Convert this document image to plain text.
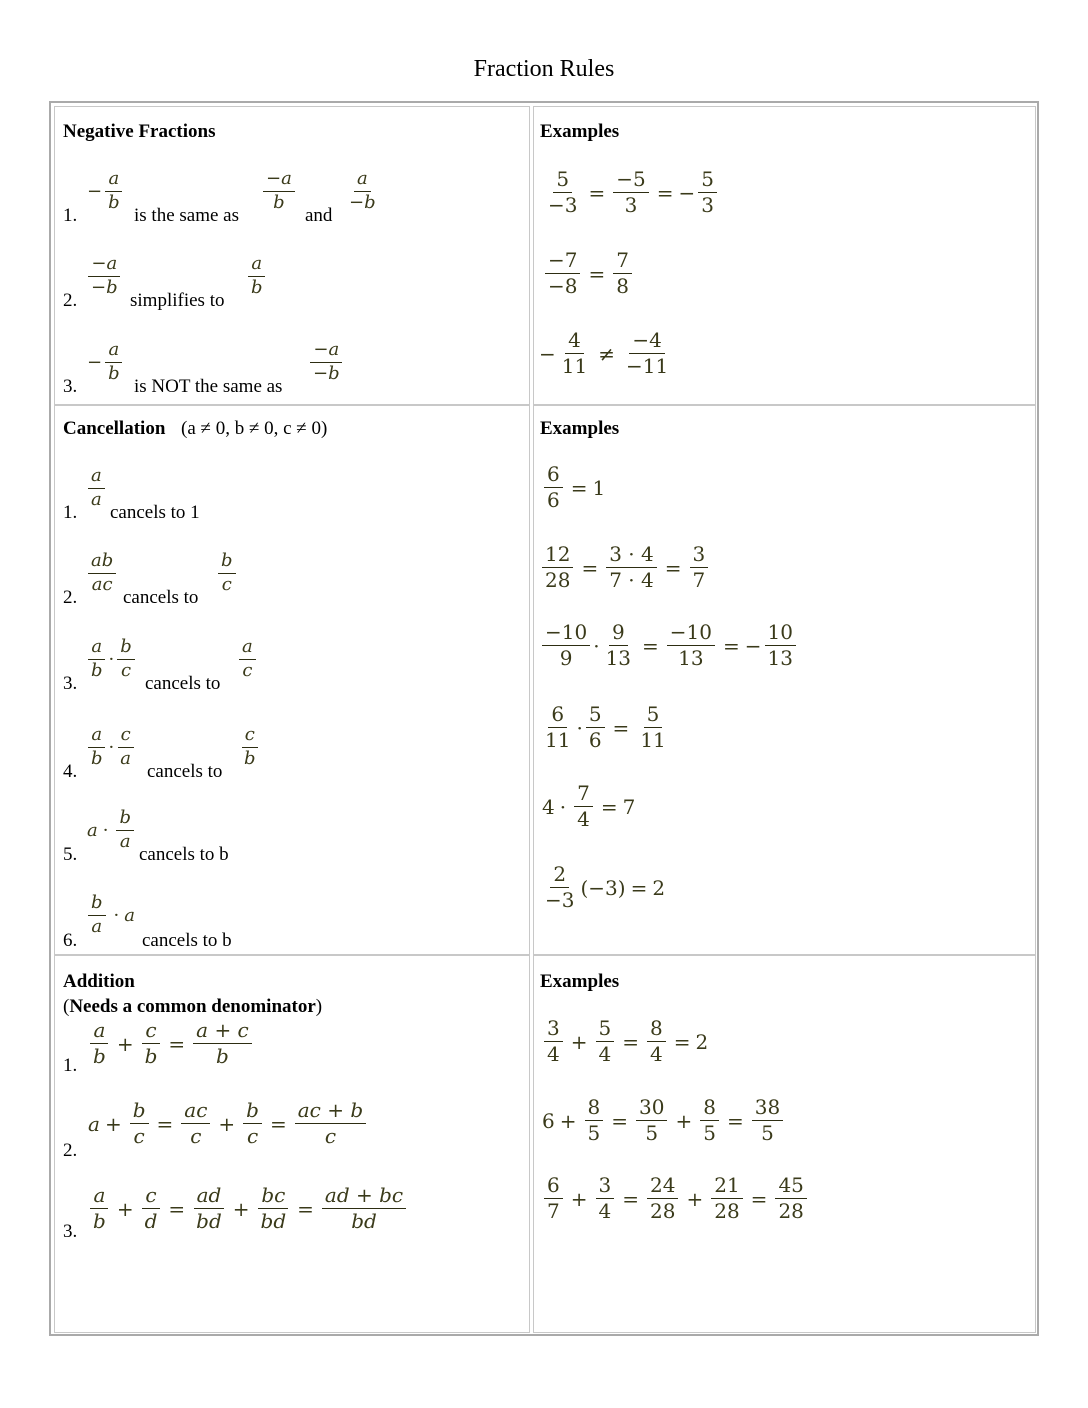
Fraction Rules
Negative Fractions
1.
− $\frac{a}{b}$
is the same as
−a
b
and
a
−b
2.
−a
−b
simplifies to
a
b
3.
− $\frac{a}{b}$
is NOT the same as
−a
−b
Examples
$\frac{5}{-3} = \frac{-5}{3}$ = − $\frac{5}{3}$
$\frac{-7}{-8} = \frac{7}{8}$
− $\frac{4}{11}$ ≠
−4
−11
Cancellation (a ≠ 0, b ≠ 0, c ≠ 0)
1.
a
a
cancels to 1
2.
ab
ac
cancels to
b
c
3.
a
b
·
b
c
cancels to
a
c
4.
a
b
·
c
a
cancels to
c
b
5.
a ·
b
a
cancels to b
6.
b
a
· a
cancels to b
Examples
$\frac{6}{6} = 1$
$\frac{12}{28} = \frac{3 \cdot 4}{7 \cdot 4} = \frac{3}{7}$
−10
9
· $\frac{9}{13} = \frac{-10}{13}$ = − $\frac{10}{13}$
6
11
· $\frac{5}{6} = \frac{5}{11}$
$4 \cdot \frac{7}{4} = 7$
2
−3
(−3) = 2
Addition
(Needs a common denominator)
1.
a
b
+ $\frac{c}{b} = \frac{a + c}{b}$
2.
$a + \frac{b}{c} = \frac{ac}{c} + \frac{b}{c} = \frac{ac + b}{c}$
3.
a
b
+ $\frac{c}{d} = \frac{ad}{bd} + \frac{bc}{bd} = \frac{ad + bc}{bd}$
Examples
3
4
+ $\frac{5}{4} = \frac{8}{4} = 2$
$6 + \frac{8}{5} = \frac{30}{5} + \frac{8}{5} = \frac{38}{5}$
6
7
+ $\frac{3}{4} = \frac{24}{28} + \frac{21}{28} = \frac{45}{28}$
